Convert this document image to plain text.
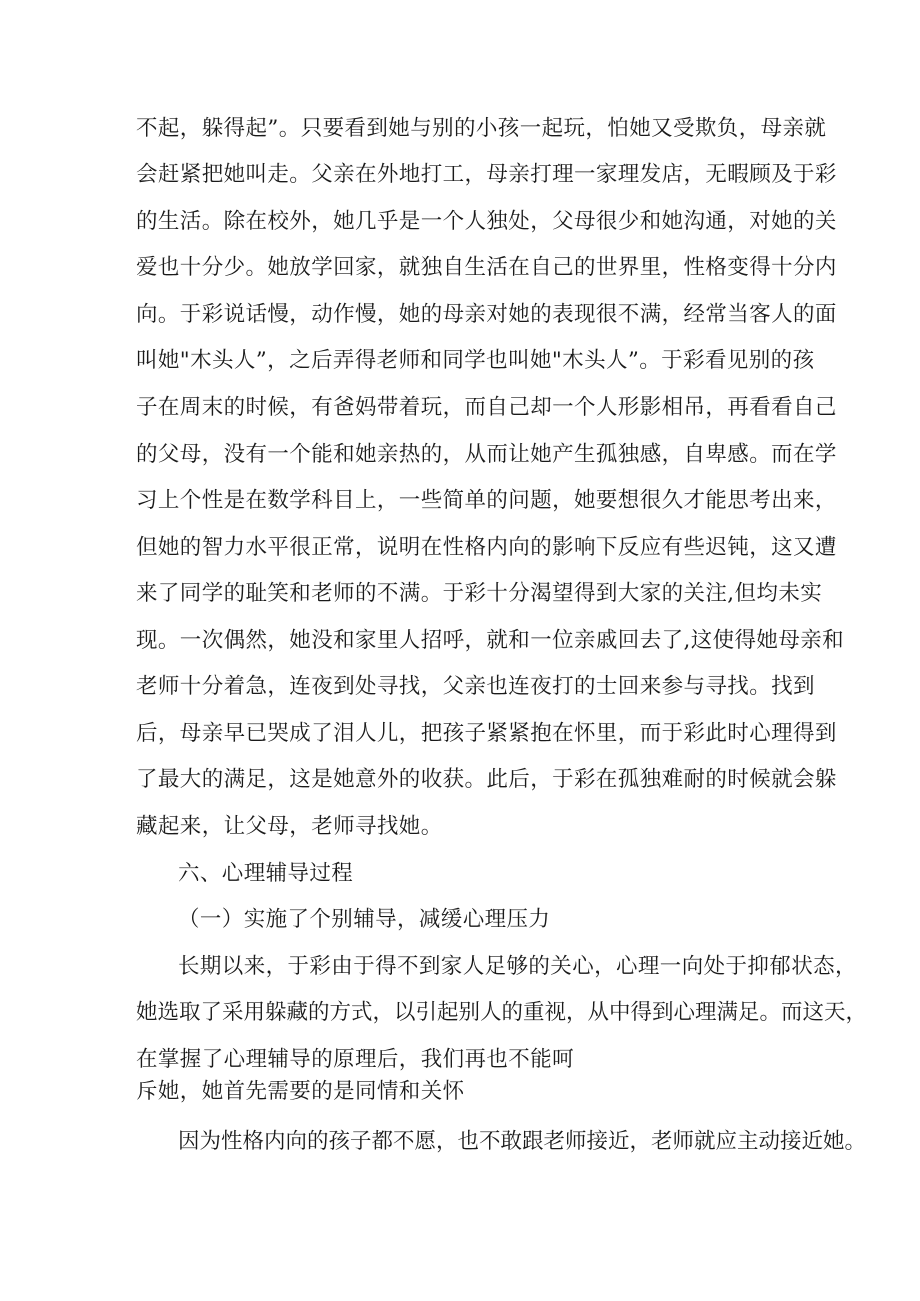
不起，躲得起”。只要看到她与别的小孩一起玩，怕她又受欺负，母亲就
会赶紧把她叫走。父亲在外地打工，母亲打理一家理发店，无暇顾及于彩
的生活。除在校外，她几乎是一个人独处，父母很少和她沟通，对她的关
爱也十分少。她放学回家，就独自生活在自己的世界里，性格变得十分内
向。于彩说话慢，动作慢，她的母亲对她的表现很不满，经常当客人的面
叫她"木头人”，之后弄得老师和同学也叫她"木头人”。于彩看见别的孩
子在周末的时候，有爸妈带着玩，而自己却一个人形影相吊，再看看自己
的父母，没有一个能和她亲热的，从而让她产生孤独感，自卑感。而在学
习上个性是在数学科目上，一些简单的问题，她要想很久才能思考出来，
但她的智力水平很正常，说明在性格内向的影响下反应有些迟钝，这又遭
来了同学的耻笑和老师的不满。于彩十分渴望得到大家的关注,但均未实
现。一次偶然，她没和家里人招呼，就和一位亲戚回去了,这使得她母亲和
老师十分着急，连夜到处寻找，父亲也连夜打的士回来参与寻找。找到
后，母亲早已哭成了泪人儿，把孩子紧紧抱在怀里，而于彩此时心理得到
了最大的满足，这是她意外的收获。此后，于彩在孤独难耐的时候就会躲
藏起来，让父母，老师寻找她。
六、心理辅导过程
（一）实施了个别辅导，减缓心理压力
长期以来，于彩由于得不到家人足够的关心，心理一向处于抑郁状态，
她选取了采用躲藏的方式，以引起别人的重视，从中得到心理满足。而这天，
在掌握了心理辅导的原理后，我们再也不能呵
斥她，她首先需要的是同情和关怀
因为性格内向的孩子都不愿，也不敢跟老师接近，老师就应主动接近她。
